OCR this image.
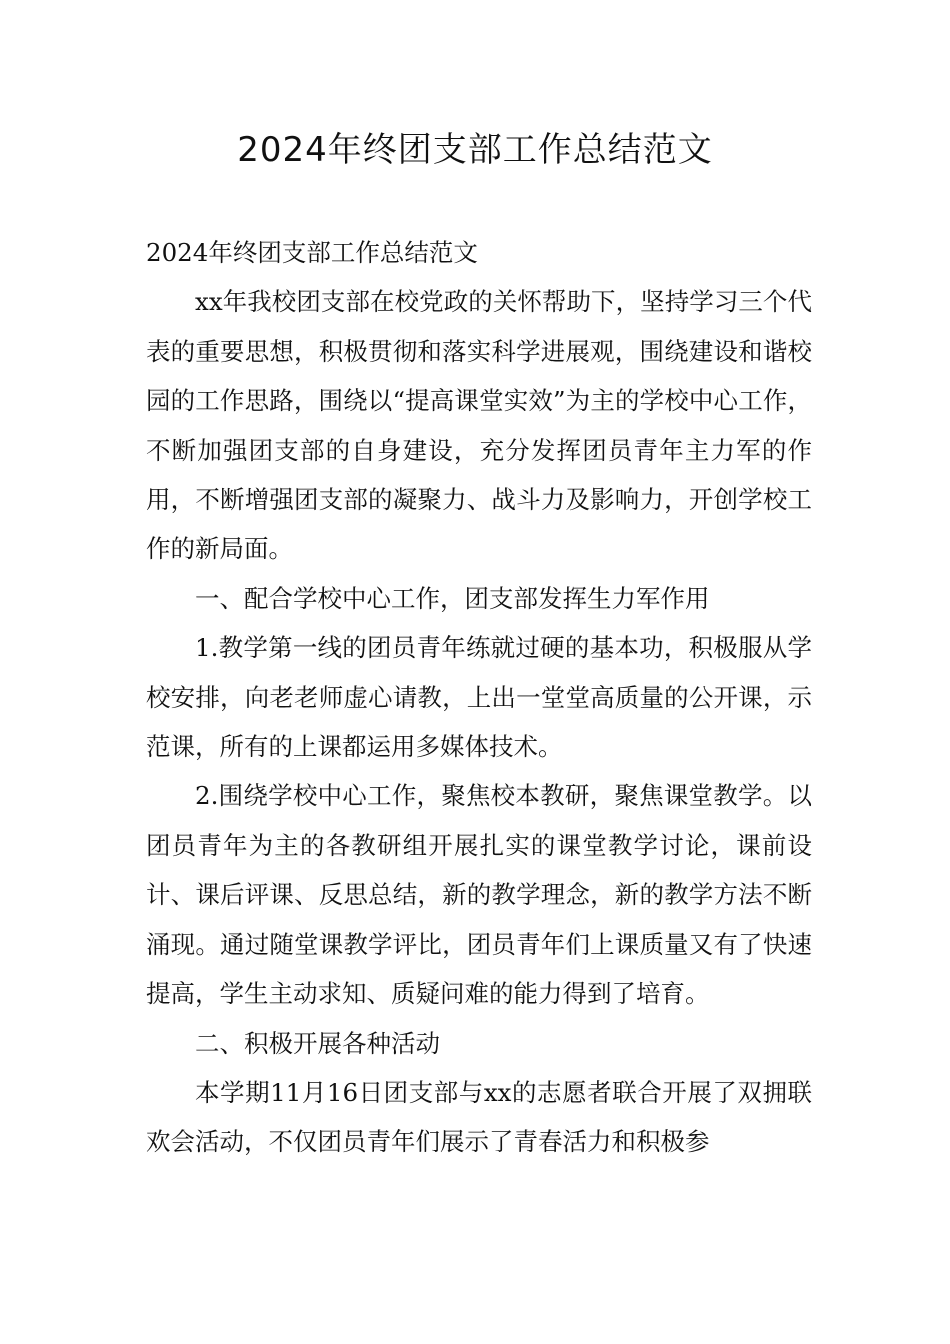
2024年终团支部工作总结范文

2024年终团支部工作总结范文

xx年我校团支部在校党政的关怀帮助下，坚持学习三个代表的重要思想，积极贯彻和落实科学进展观，围绕建设和谐校园的工作思路，围绕以“提高课堂实效”为主的学校中心工作，不断加强团支部的自身建设，充分发挥团员青年主力军的作用，不断增强团支部的凝聚力、战斗力及影响力，开创学校工作的新局面。

一、配合学校中心工作，团支部发挥生力军作用

1.教学第一线的团员青年练就过硬的基本功，积极服从学校安排，向老老师虚心请教，上出一堂堂高质量的公开课，示范课，所有的上课都运用多媒体技术。

2.围绕学校中心工作，聚焦校本教研，聚焦课堂教学。以团员青年为主的各教研组开展扎实的课堂教学讨论，课前设计、课后评课、反思总结，新的教学理念，新的教学方法不断涌现。通过随堂课教学评比，团员青年们上课质量又有了快速提高，学生主动求知、质疑问难的能力得到了培育。

二、积极开展各种活动

本学期11月16日团支部与xx的志愿者联合开展了双拥联欢会活动，不仅团员青年们展示了青春活力和积极参
